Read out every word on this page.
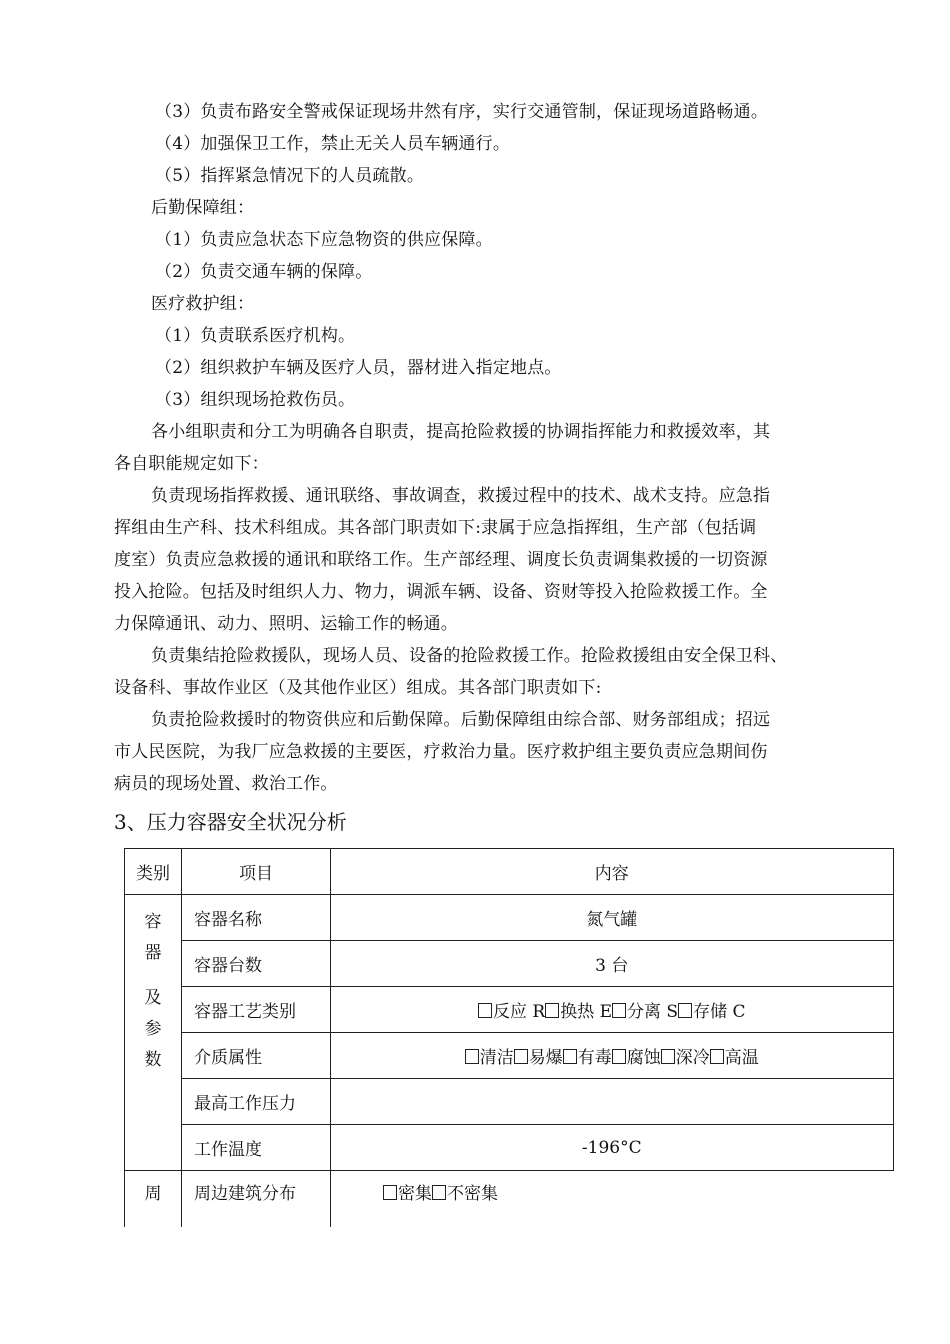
（3）负责布路安全警戒保证现场井然有序，实行交通管制，保证现场道路畅通。
（4）加强保卫工作，禁止无关人员车辆通行。
（5）指挥紧急情况下的人员疏散。
后勤保障组：
（1）负责应急状态下应急物资的供应保障。
（2）负责交通车辆的保障。
医疗救护组：
（1）负责联系医疗机构。
（2）组织救护车辆及医疗人员，器材进入指定地点。
（3）组织现场抢救伤员。
各小组职责和分工为明确各自职责，提高抢险救援的协调指挥能力和救援效率，其
各自职能规定如下：
负责现场指挥救援、通讯联络、事故调查，救援过程中的技术、战术支持。应急指
挥组由生产科、技术科组成。其各部门职责如下:隶属于应急指挥组，生产部（包括调
度室）负责应急救援的通讯和联络工作。生产部经理、调度长负责调集救援的一切资源
投入抢险。包括及时组织人力、物力，调派车辆、设备、资财等投入抢险救援工作。全
力保障通讯、动力、照明、运输工作的畅通。
负责集结抢险救援队，现场人员、设备的抢险救援工作。抢险救援组由安全保卫科、
设备科、事故作业区（及其他作业区）组成。其各部门职责如下:
负责抢险救援时的物资供应和后勤保障。后勤保障组由综合部、财务部组成；招远
市人民医院，为我厂应急救援的主要医，疗救治力量。医疗救护组主要负责应急期间伤
病员的现场处置、救治工作。
3、压力容器安全状况分析
类别	项目	内容

容
器
及
参
数	容器名称	氮气罐
	容器台数	3 台
	容器工艺类别	反应 R 换热 E 分离 S 存储 C
	介质属性	清洁 易爆 有毒 腐蚀 深冷 高温
	最高工作压力	
	工作温度	-196°C
周	周边建筑分布	密集 不密集
